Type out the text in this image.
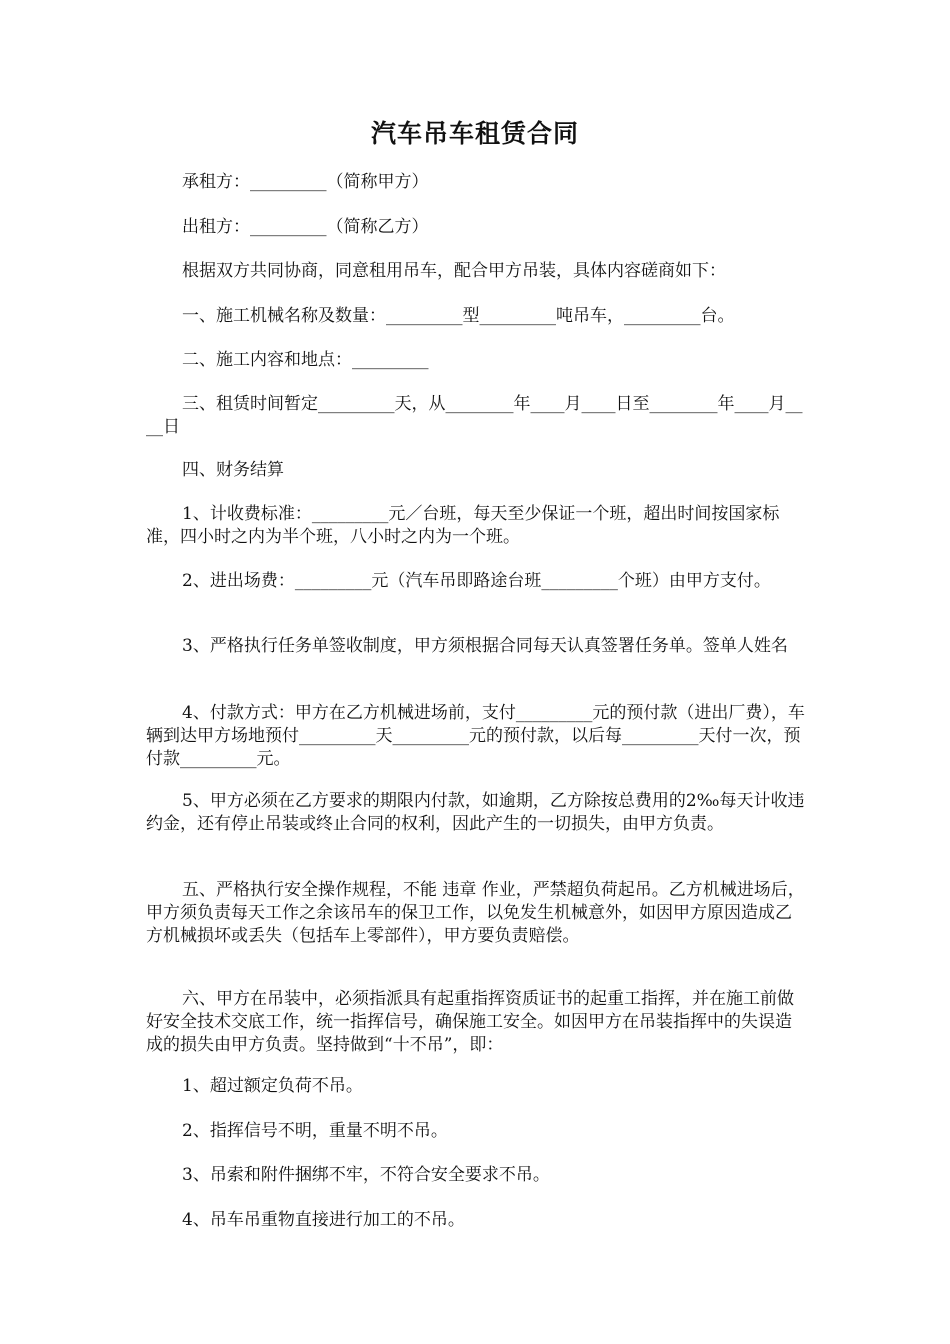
汽车吊车租赁合同

承租方：_________（简称甲方）

出租方：_________（简称乙方）

根据双方共同协商，同意租用吊车，配合甲方吊装，具体内容磋商如下：

一、施工机械名称及数量：_________型_________吨吊车，_________台。

二、施工内容和地点：_________

三、租赁时间暂定_________天，从________年____月____日至________年____月____日

四、财务结算

1、计收费标准：_________元／台班，每天至少保证一个班，超出时间按国家标准，四小时之内为半个班，八小时之内为一个班。

2、进出场费：_________元（汽车吊即路途台班_________个班）由甲方支付。

3、严格执行任务单签收制度，甲方须根据合同每天认真签署任务单。签单人姓名

4、付款方式：甲方在乙方机械进场前，支付_________元的预付款（进出厂费），车辆到达甲方场地预付_________天_________元的预付款，以后每_________天付一次，预付款_________元。

5、甲方必须在乙方要求的期限内付款，如逾期，乙方除按总费用的2‰每天计收违约金，还有停止吊装或终止合同的权利，因此产生的一切损失，由甲方负责。

五、严格执行安全操作规程，不能 违章 作业，严禁超负荷起吊。乙方机械进场后，甲方须负责每天工作之余该吊车的保卫工作，以免发生机械意外，如因甲方原因造成乙方机械损坏或丢失（包括车上零部件），甲方要负责赔偿。

六、甲方在吊装中，必须指派具有起重指挥资质证书的起重工指挥，并在施工前做好安全技术交底工作，统一指挥信号，确保施工安全。如因甲方在吊装指挥中的失误造成的损失由甲方负责。坚持做到“十不吊”，即：

1、超过额定负荷不吊。

2、指挥信号不明，重量不明不吊。

3、吊索和附件捆绑不牢，不符合安全要求不吊。

4、吊车吊重物直接进行加工的不吊。
